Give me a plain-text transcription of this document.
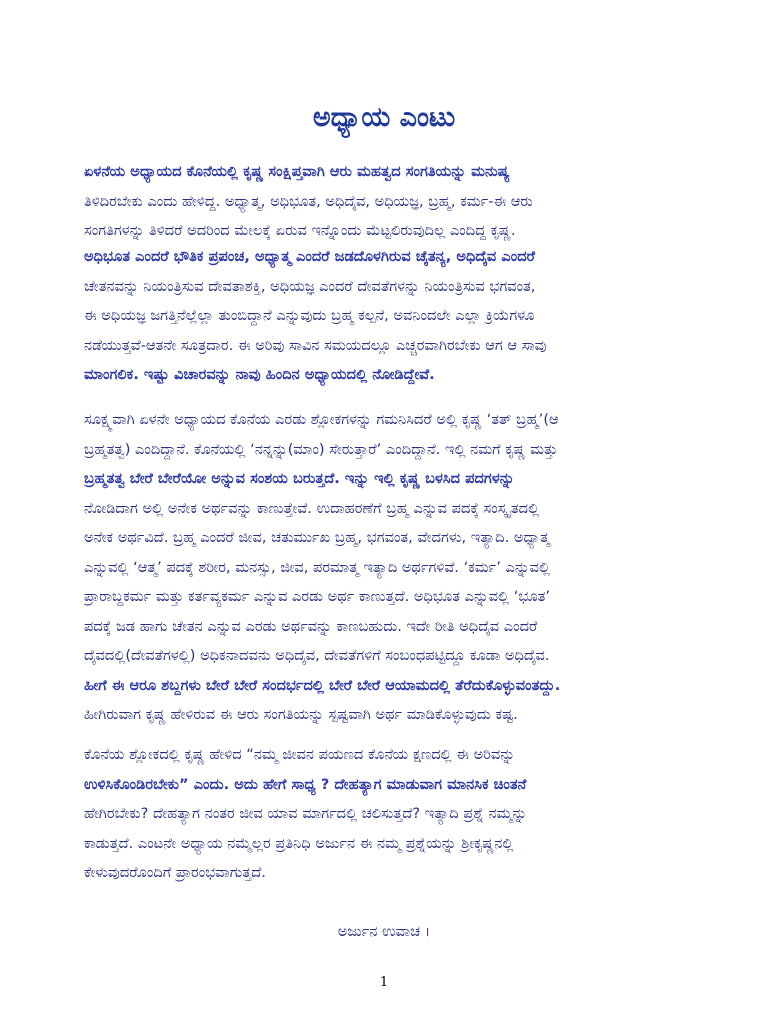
ಅಧ್ಯಾಯ ಎಂಟು
ಏಳನೆಯ ಅಧ್ಯಾಯದ ಕೊನೆಯಲ್ಲಿ ಕೃಷ್ಣ ಸಂಕ್ಷಿಪ್ತವಾಗಿ ಆರು ಮಹತ್ವದ ಸಂಗತಿಯನ್ನು ಮನುಷ್ಯ
ತಿಳಿದಿರಬೇಕು ಎಂದು ಹೇಳಿದ್ದ. ಅಧ್ಯಾತ್ಮ, ಅಧಿಭೂತ, ಅಧಿದೈವ, ಅಧಿಯಜ್ಞ, ಬ್ರಹ್ಮ, ಕರ್ಮ-ಈ ಆರು
ಸಂಗತಿಗಳನ್ನು ತಿಳಿದರೆ ಅದರಿಂದ ಮೇಲಕ್ಕೆ ಏರುವ ಇನ್ನೊಂದು ಮೆಟ್ಟಲಿರುವುದಿಲ್ಲ ಎಂದಿದ್ದ ಕೃಷ್ಣ.
ಅಧಿಭೂತ ಎಂದರೆ ಭೌತಿಕ ಪ್ರಪಂಚ, ಅಧ್ಯಾತ್ಮ ಎಂದರೆ ಜಡದೊಳಗಿರುವ ಚೈತನ್ಯ, ಅಧಿದೈವ ಎಂದರೆ
ಚೇತನವನ್ನು ನಿಯಂತ್ರಿಸುವ ದೇವತಾಶಕ್ತಿ, ಅಧಿಯಜ್ಞ ಎಂದರೆ ದೇವತೆಗಳನ್ನು ನಿಯಂತ್ರಿಸುವ ಭಗವಂತ,
ಈ ಅಧಿಯಜ್ಞ ಜಗತ್ತಿನೆಲ್ಲೆಲ್ಲಾ ತುಂಬಿದ್ದಾನೆ ಎನ್ನುವುದು ಬ್ರಹ್ಮ ಕಲ್ಪನೆ, ಅವನಿಂದಲೇ ಎಲ್ಲಾ ಕ್ರಿಯೆಗಳೂ
ನಡೆಯುತ್ತವೆ-ಆತನೇ ಸೂತ್ರದಾರ. ಈ ಅರಿವು ಸಾವಿನ ಸಮಯದಲ್ಲೂ ಎಚ್ಚರವಾಗಿರಬೇಕು ಆಗ ಆ ಸಾವು
ಮಾಂಗಲಿಕ. ಇಷ್ಟು ವಿಚಾರವನ್ನು ನಾವು ಹಿಂದಿನ ಅಧ್ಯಾಯದಲ್ಲಿ ನೋಡಿದ್ದೇವೆ.
ಸೂಕ್ಷ್ಮವಾಗಿ ಏಳನೇ ಅಧ್ಯಾಯದ ಕೊನೆಯ ಎರಡು ಶ್ಲೋಕಗಳನ್ನು ಗಮನಿಸಿದರೆ ಅಲ್ಲಿ ಕೃಷ್ಣ ‘ತತ್ ಬ್ರಹ್ಮ’(ಆ
ಬ್ರಹ್ಮತತ್ವ) ಎಂದಿದ್ದಾನೆ. ಕೊನೆಯಲ್ಲಿ ‘ನನ್ನನ್ನು(ಮಾಂ) ಸೇರುತ್ತಾರೆ’ ಎಂದಿದ್ದಾನೆ. ಇಲ್ಲಿ ನಮಗೆ ಕೃಷ್ಣ ಮತ್ತು
ಬ್ರಹ್ಮತತ್ವ ಬೇರೆ ಬೇರೆಯೋ ಅನ್ನುವ ಸಂಶಯ ಬರುತ್ತದೆ. ಇನ್ನು ಇಲ್ಲಿ ಕೃಷ್ಣ ಬಳಸಿದ ಪದಗಳನ್ನು
ನೋಡಿದಾಗ ಅಲ್ಲಿ ಅನೇಕ ಅರ್ಥವನ್ನು ಕಾಣುತ್ತೇವೆ. ಉದಾಹರಣೆಗೆ ಬ್ರಹ್ಮ ಎನ್ನುವ ಪದಕ್ಕೆ ಸಂಸ್ಕೃತದಲ್ಲಿ
ಅನೇಕ ಅರ್ಥವಿದೆ. ಬ್ರಹ್ಮ ಎಂದರೆ ಜೀವ, ಚತುರ್ಮುಖ ಬ್ರಹ್ಮ, ಭಗವಂತ, ವೇದಗಳು, ಇತ್ಯಾದಿ. ಅಧ್ಯಾತ್ಮ
ಎನ್ನುವಲ್ಲಿ ‘ಆತ್ಮ’ ಪದಕ್ಕೆ ಶರೀರ, ಮನಸ್ಸು, ಜೀವ, ಪರಮಾತ್ಮ ಇತ್ಯಾದಿ ಅರ್ಥಗಳಿವೆ. ‘ಕರ್ಮ’ ಎನ್ನುವಲ್ಲಿ
ಪ್ರಾರಾಬ್ದಕರ್ಮ ಮತ್ತು ಕರ್ತವ್ಯಕರ್ಮ ಎನ್ನುವ ಎರಡು ಅರ್ಥ ಕಾಣುತ್ತದೆ. ಅಧಿಭೂತ ಎನ್ನುವಲ್ಲಿ ‘ಭೂತ’
ಪದಕ್ಕೆ ಜಡ ಹಾಗು ಚೇತನ ಎನ್ನುವ ಎರಡು ಅರ್ಥವನ್ನು ಕಾಣಬಹುದು. ಇದೇ ರೀತಿ ಅಧಿದೈವ ಎಂದರೆ
ದೈವದಲ್ಲಿ(ದೇವತೆಗಳಲ್ಲಿ) ಅಧಿಕನಾದವನು ಅಧಿದೈವ, ದೇವತೆಗಳಿಗೆ ಸಂಬಂಧಪಟ್ಟಿದ್ದೂ ಕೂಡಾ ಅಧಿದೈವ.
ಹೀಗೆ ಈ ಆರೂ ಶಬ್ದಗಳು ಬೇರೆ ಬೇರೆ ಸಂದರ್ಭದಲ್ಲಿ ಬೇರೆ ಬೇರೆ ಆಯಾಮದಲ್ಲಿ ತೆರೆದುಕೊಳ್ಳುವಂತದ್ದು.
ಹೀಗಿರುವಾಗ ಕೃಷ್ಣ ಹೇಳಿರುವ ಈ ಆರು ಸಂಗತಿಯನ್ನು ಸ್ಪಷ್ಟವಾಗಿ ಅರ್ಥ ಮಾಡಿಕೊಳ್ಳುವುದು ಕಷ್ಟ.
ಕೊನೆಯ ಶ್ಲೋಕದಲ್ಲಿ ಕೃಷ್ಣ ಹೇಳಿದ “ನಮ್ಮ ಜೀವನ ಪಯಣದ ಕೊನೆಯ ಕ್ಷಣದಲ್ಲಿ ಈ ಅರಿವನ್ನು
ಉಳಿಸಿಕೊಂಡಿರಬೇಕು” ಎಂದು. ಅದು ಹೇಗೆ ಸಾಧ್ಯ ? ದೇಹತ್ಯಾಗ ಮಾಡುವಾಗ ಮಾನಸಿಕ ಚಿಂತನೆ
ಹೇಗಿರಬೇಕು? ದೇಹತ್ಯಾಗ ನಂತರ ಜೀವ ಯಾವ ಮಾರ್ಗದಲ್ಲಿ ಚಲಿಸುತ್ತದೆ? ಇತ್ಯಾದಿ ಪ್ರಶ್ನೆ ನಮ್ಮನ್ನು
ಕಾಡುತ್ತದೆ. ಎಂಟನೇ ಅಧ್ಯಾಯ ನಮ್ಮೆಲ್ಲರ ಪ್ರತಿನಿಧಿ ಅರ್ಜುನ ಈ ನಮ್ಮ ಪ್ರಶ್ನೆಯನ್ನು ಶ್ರೀಕೃಷ್ಣನಲ್ಲಿ
ಕೇಳುವುದರೊಂದಿಗೆ ಪ್ರಾರಂಭವಾಗುತ್ತದೆ.
ಅರ್ಜುನ ಉವಾಚ ।
1
